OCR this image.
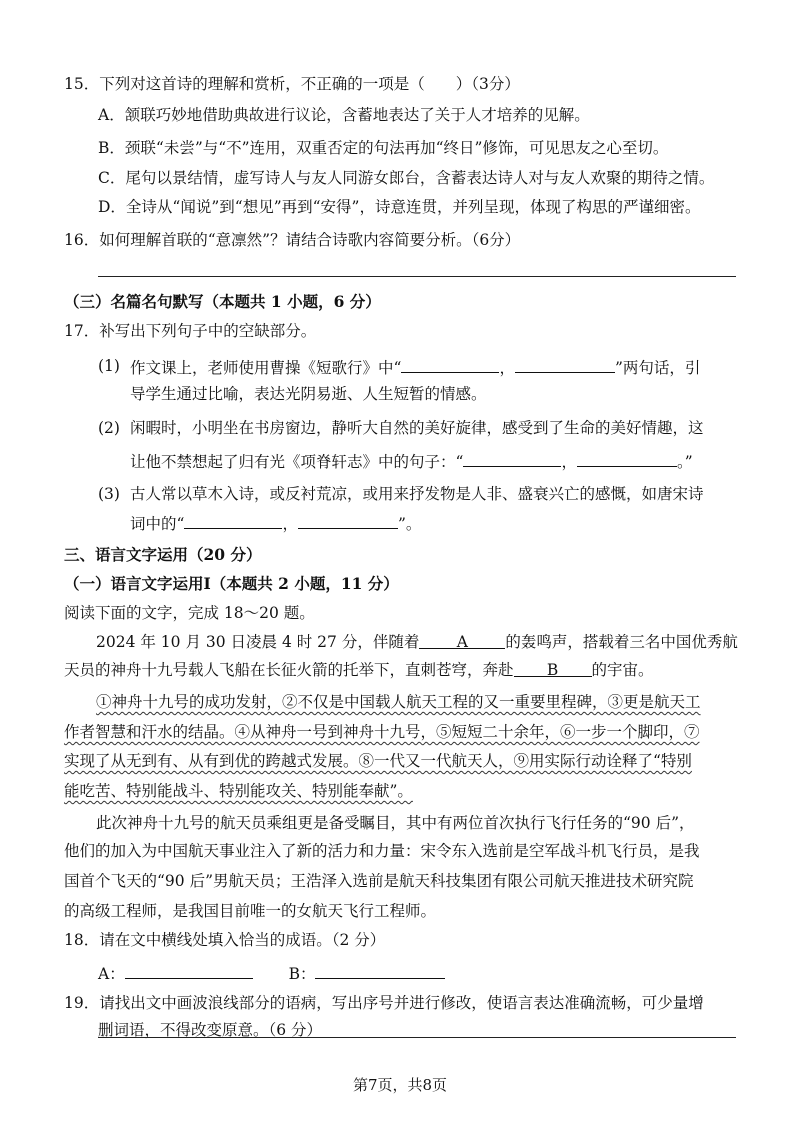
15．下列对这首诗的理解和赏析，不正确的一项是（　　）（3分）
A．颔联巧妙地借助典故进行议论，含蓄地表达了关于人才培养的见解。
B．颈联“未尝”与“不”连用，双重否定的句法再加“终日”修饰，可见思友之心至切。
C．尾句以景结情，虚写诗人与友人同游女郎台，含蓄表达诗人对与友人欢聚的期待之情。
D．全诗从“闻说”到“想见”再到“安得”，诗意连贯，并列呈现，体现了构思的严谨细密。
16．如何理解首联的“意凛然”？请结合诗歌内容简要分析。（6分）
（三）名篇名句默写（本题共 1 小题，6 分）
17．补写出下列句子中的空缺部分。
(1) 作文课上，老师使用曹操《短歌行》中“	，	”两句话，引
导学生通过比喻，表达光阴易逝、人生短暂的情感。
(2) 闲暇时，小明坐在书房窗边，静听大自然的美好旋律，感受到了生命的美好情趣，这
让他不禁想起了归有光《项脊轩志》中的句子：“	，	。”
(3) 古人常以草木入诗，或反衬荒凉，或用来抒发物是人非、盛衰兴亡的感慨，如唐宋诗
词中的“	，	”。
三、语言文字运用（20 分）
（一）语言文字运用Ⅰ（本题共 2 小题，11 分）
阅读下面的文字，完成 18～20 题。
2024 年 10 月 30 日凌晨 4 时 27 分，伴随着 A 的轰鸣声，搭载着三名中国优秀航
天员的神舟十九号载人飞船在长征火箭的托举下，直刺苍穹，奔赴 B 的宇宙。
①神舟十九号的成功发射，②不仅是中国载人航天工程的又一重要里程碑，③更是航天工
作者智慧和汗水的结晶。④从神舟一号到神舟十九号，⑤短短二十余年，⑥一步一个脚印，⑦
实现了从无到有、从有到优的跨越式发展。⑧一代又一代航天人，⑨用实际行动诠释了“特别
能吃苦、特别能战斗、特别能攻关、特别能奉献”。
此次神舟十九号的航天员乘组更是备受瞩目，其中有两位首次执行飞行任务的“90 后”，
他们的加入为中国航天事业注入了新的活力和力量：宋令东入选前是空军战斗机飞行员，是我
国首个飞天的“90 后”男航天员；王浩泽入选前是航天科技集团有限公司航天推进技术研究院
的高级工程师，是我国目前唯一的女航天飞行工程师。
18．请在文中横线处填入恰当的成语。（2 分）
A：	B：
19．请找出文中画波浪线部分的语病，写出序号并进行修改，使语言表达准确流畅，可少量增
删词语，不得改变原意。（6 分）
第7页，共8页
